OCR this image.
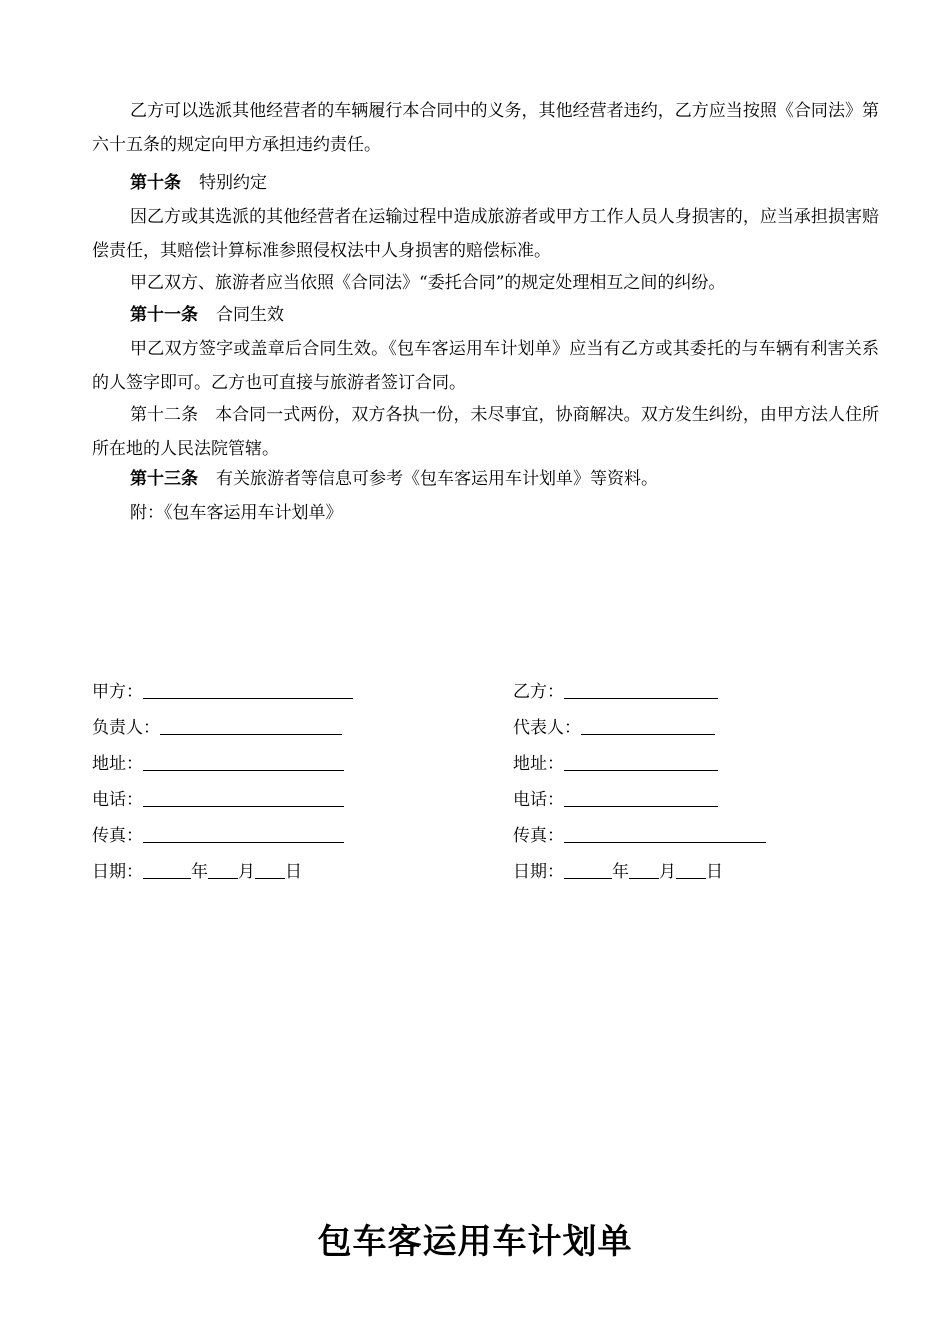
乙方可以选派其他经营者的车辆履行本合同中的义务，其他经营者违约，乙方应当按照《合同法》第六十五条的规定向甲方承担违约责任。

第十条 特别约定

因乙方或其选派的其他经营者在运输过程中造成旅游者或甲方工作人员人身损害的，应当承担损害赔偿责任，其赔偿计算标准参照侵权法中人身损害的赔偿标准。

甲乙双方、旅游者应当依照《合同法》“委托合同”的规定处理相互之间的纠纷。

第十一条 合同生效

甲乙双方签字或盖章后合同生效。《包车客运用车计划单》应当有乙方或其委托的与车辆有利害关系的人签字即可。乙方也可直接与旅游者签订合同。

第十二条　本合同一式两份，双方各执一份，未尽事宜，协商解决。双方发生纠纷，由甲方法人住所所在地的人民法院管辖。

第十三条 有关旅游者等信息可参考《包车客运用车计划单》等资料。

附：《包车客运用车计划单》

甲方：
负责人：
地址：
电话：
传真：
日期：	年 月 日
乙方：
代表人：
地址：
电话：
传真：
日期：	年 月 日
包车客运用车计划单
